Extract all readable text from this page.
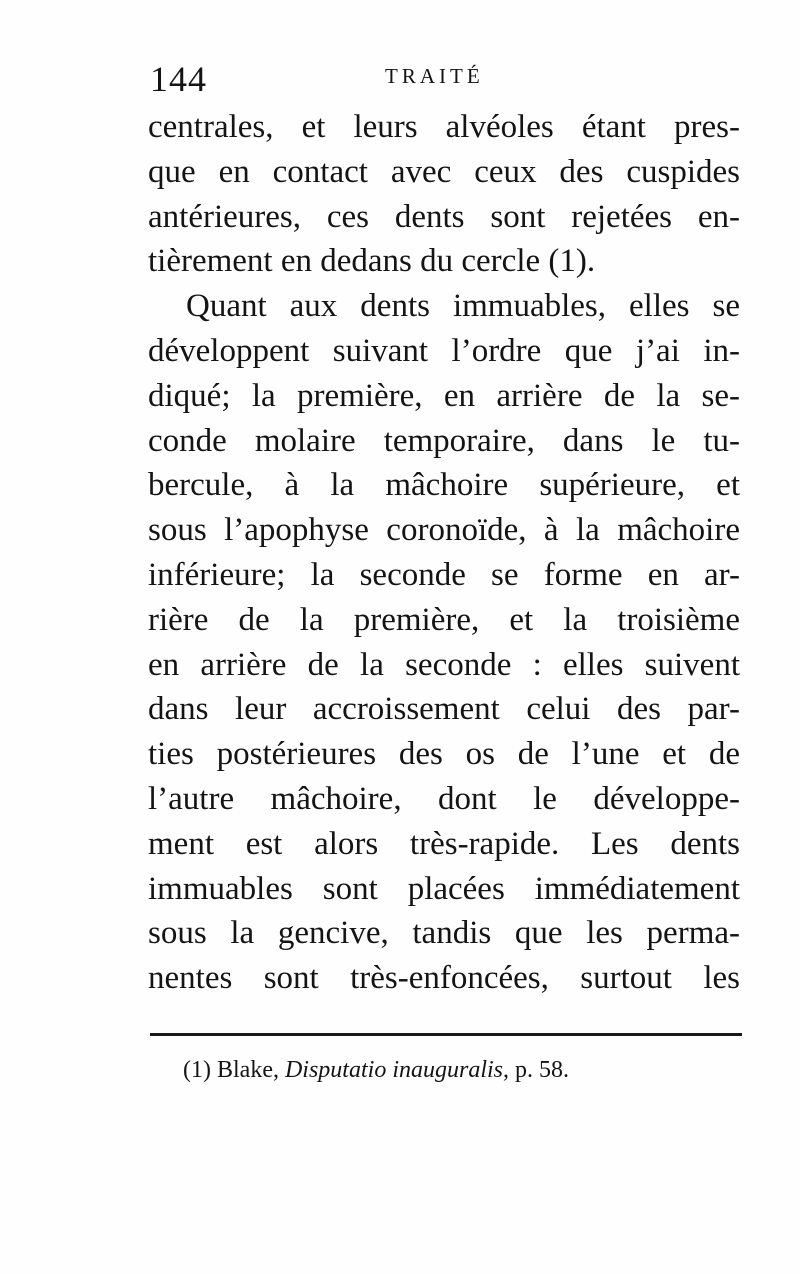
144	TRAITÉ
centrales, et leurs alvéoles étant pres-
que en contact avec ceux des cuspides
antérieures, ces dents sont rejetées en-
tièrement en dedans du cercle (1).
Quant aux dents immuables, elles se
développent suivant l’ordre que j’ai in-
diqué; la première, en arrière de la se-
conde molaire temporaire, dans le tu-
bercule, à la mâchoire supérieure, et
sous l’apophyse coronoïde, à la mâchoire
inférieure; la seconde se forme en ar-
rière de la première, et la troisième
en arrière de la seconde : elles suivent
dans leur accroissement celui des par-
ties postérieures des os de l’une et de
l’autre mâchoire, dont le développe-
ment est alors très-rapide. Les dents
immuables sont placées immédiatement
sous la gencive, tandis que les perma-
nentes sont très-enfoncées, surtout les
(1) Blake, Disputatio inauguralis, p. 58.
